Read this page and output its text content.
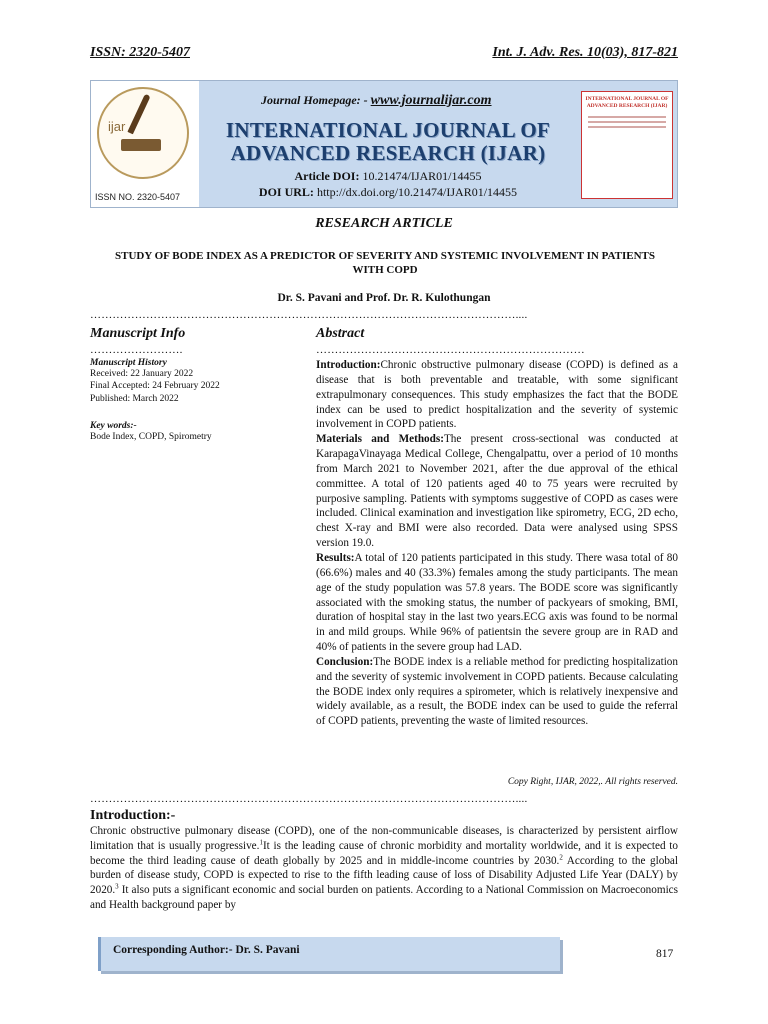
ISSN: 2320-5407	Int. J. Adv. Res. 10(03), 817-821
ijar
ISSN NO. 2320-5407
Journal Homepage: - www.journalijar.com
INTERNATIONAL JOURNAL OF ADVANCED RESEARCH (IJAR)
Article DOI: 10.21474/IJAR01/14455
DOI URL: http://dx.doi.org/10.21474/IJAR01/14455
INTERNATIONAL JOURNAL OF ADVANCED RESEARCH (IJAR)
RESEARCH ARTICLE
STUDY OF BODE INDEX AS A PREDICTOR OF SEVERITY AND SYSTEMIC INVOLVEMENT IN PATIENTS WITH COPD
Dr. S. Pavani and Prof. Dr. R. Kulothungan
……………………………………………………………………………………………………....
Manuscript Info
…………………….
Manuscript History
Received: 22 January 2022
Final Accepted: 24 February 2022
Published: March 2022
Key words:-
Bode Index, COPD, Spirometry
Abstract
………………………………………………………………

Introduction:Chronic obstructive pulmonary disease (COPD) is defined as a disease that is both preventable and treatable, with some significant extrapulmonary consequences. This study emphasizes the fact that the BODE index can be used to predict hospitalization and the severity of systemic involvement in COPD patients.

Materials and Methods:The present cross-sectional was conducted at KarapagaVinayaga Medical College, Chengalpattu, over a period of 10 months from March 2021 to November 2021, after the due approval of the ethical committee. A total of 120 patients aged 40 to 75 years were recruited by purposive sampling. Patients with symptoms suggestive of COPD as cases were included. Clinical examination and investigation like spirometry, ECG, 2D echo, chest X-ray and BMI were also recorded. Data were analysed using SPSS version 19.0.

Results:A total of 120 patients participated in this study. There wasa total of 80 (66.6%) males and 40 (33.3%) females among the study participants. The mean age of the study population was 57.8 years. The BODE score was significantly associated with the smoking status, the number of packyears of smoking, BMI, duration of hospital stay in the last two years.ECG axis was found to be normal in and mild groups. While 96% of patientsin the severe group are in RAD and 40% of patients in the severe group had LAD.

Conclusion:The BODE index is a reliable method for predicting hospitalization and the severity of systemic involvement in COPD patients. Because calculating the BODE index only requires a spirometer, which is relatively inexpensive and widely available, as a result, the BODE index can be used to guide the referral of COPD patients, preventing the waste of limited resources.

Copy Right, IJAR, 2022,. All rights reserved.
……………………………………………………………………………………………………....
Introduction:-
Chronic obstructive pulmonary disease (COPD), one of the non-communicable diseases, is characterized by persistent airflow limitation that is usually progressive.$^1$It is the leading cause of chronic morbidity and mortality worldwide, and it is expected to become the third leading cause of death globally by 2025 and in middle-income countries by 2030.$^2$ According to the global burden of disease study, COPD is expected to rise to the fifth leading cause of loss of Disability Adjusted Life Year (DALY) by 2020.$^3$ It also puts a significant economic and social burden on patients. According to a National Commission on Macroeconomics and Health background paper by
Corresponding Author:- Dr. S. Pavani	817
